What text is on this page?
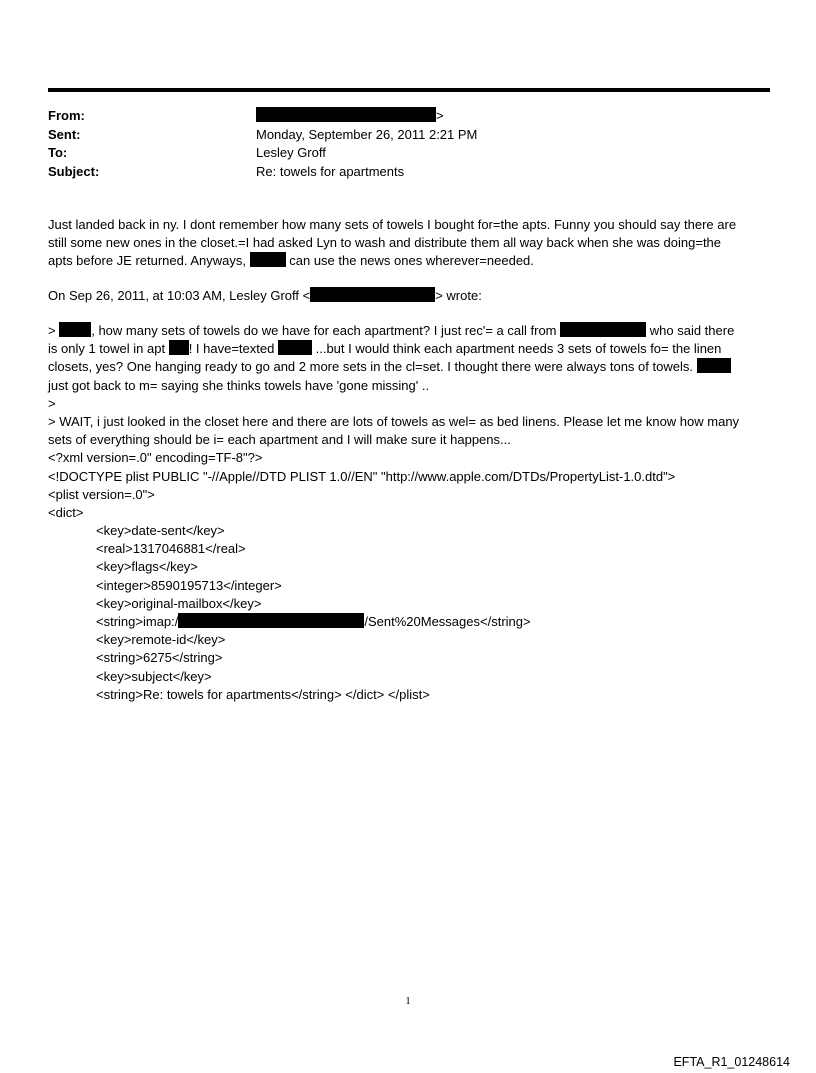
From:	>
Sent:	Monday, September 26, 2011 2:21 PM
To:	Lesley Groff
Subject:	Re: towels for apartments
Just landed back in ny. I dont remember how many sets of towels I bought for=the apts. Funny you should say there are
still some new ones in the closet.=I had asked Lyn to wash and distribute them all way back when she was doing=the
apts before JE returned. Anyways,	can use the news ones wherever=needed.
On Sep 26, 2011, at 10:03 AM, Lesley Groff <	> wrote:
>	, how many sets of towels do we have for each apartment? I just rec'= a call from	who said there
is only 1 towel in apt ! I have=texted	...but I would think each apartment needs 3 sets of towels fo= the linen
closets, yes? One hanging ready to go and 2 more sets in the cl=set. I thought there were always tons of towels.
just got back to m= saying she thinks towels have 'gone missing' ..
>
> WAIT, i just looked in the closet here and there are lots of towels as wel= as bed linens. Please let me know how many
sets of everything should be i= each apartment and I will make sure it happens...
<?xml version=.0" encoding=TF-8"?>
<!DOCTYPE plist PUBLIC "-//Apple//DTD PLIST 1.0//EN" "http://www.apple.com/DTDs/PropertyList-1.0.dtd">
<plist version=.0">
<dict>
<key>date-sent</key>
<real>1317046881</real>
<key>flags</key>
<integer>8590195713</integer>
<key>original-mailbox</key>
<string>imap:/	/Sent%20Messages</string>
<key>remote-id</key>
<string>6275</string>
<key>subject</key>
<string>Re: towels for apartments</string> </dict> </plist>
1
EFTA_R1_01248614
